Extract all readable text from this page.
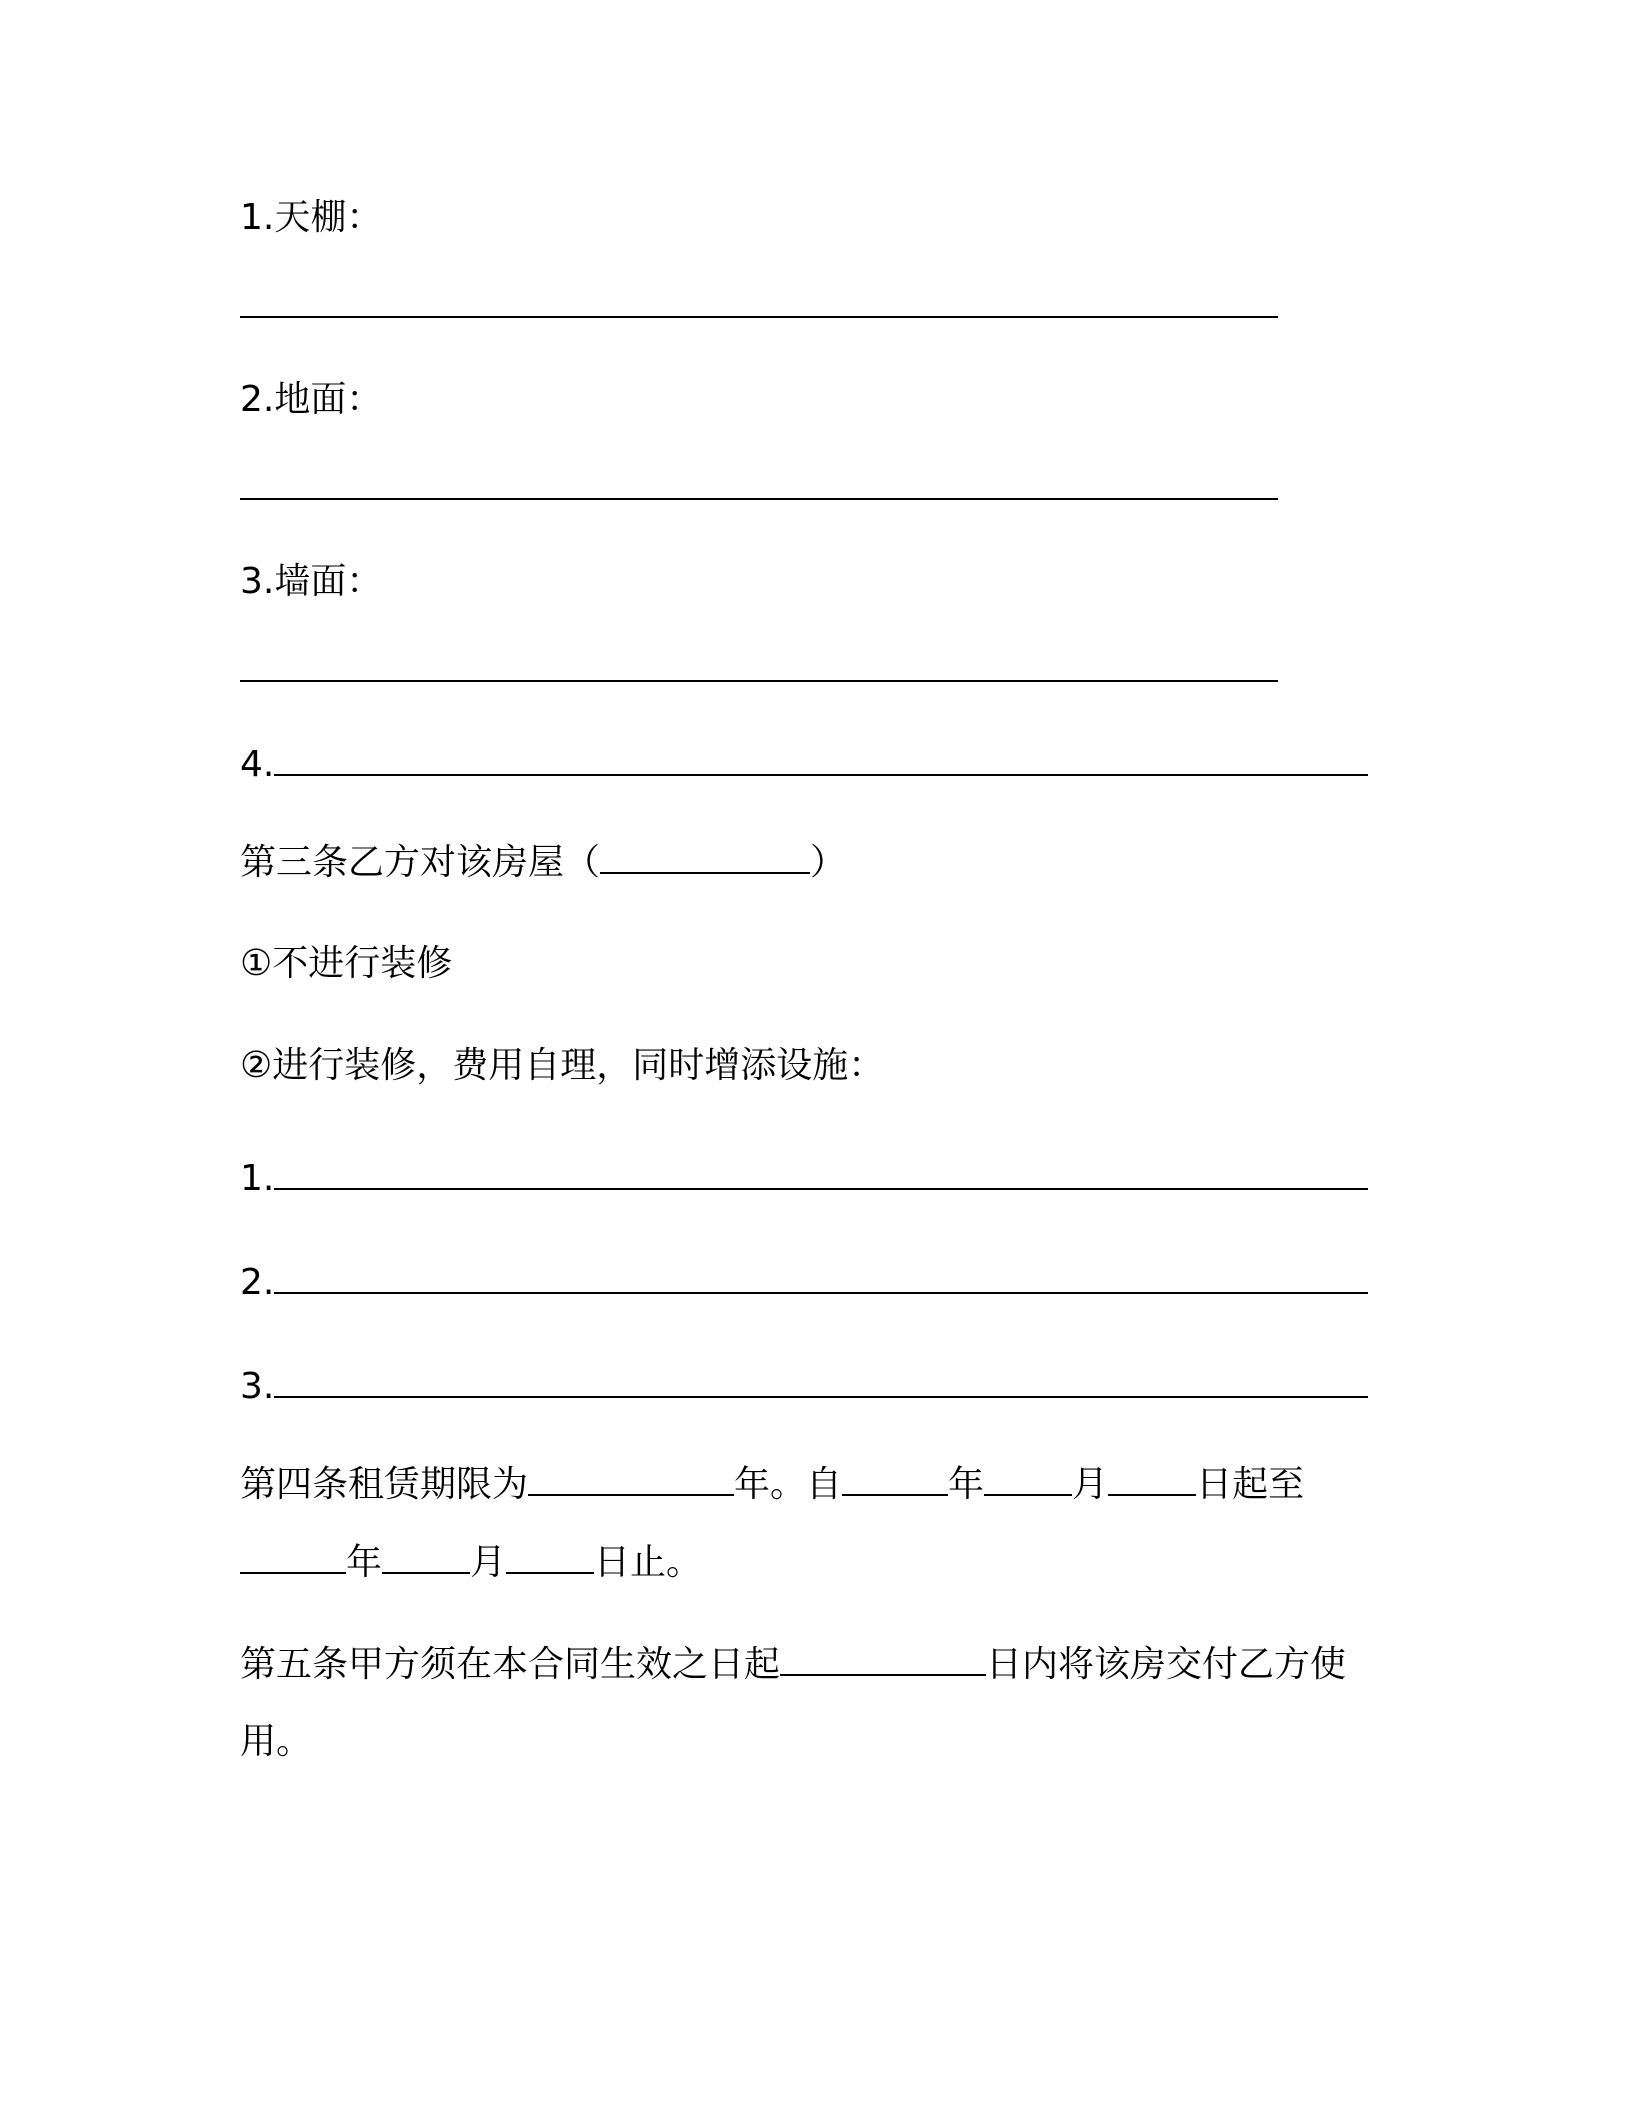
1.天棚：
2.地面：
3.墙面：
4.
第三条乙方对该房屋（	）
①不进行装修
②进行装修，费用自理，同时增添设施：
1.
2.
3.
第四条租赁期限为	年。自	年 月 日起至
年 月 日止。
第五条甲方须在本合同生效之日起	日内将该房交付乙方使
用。
